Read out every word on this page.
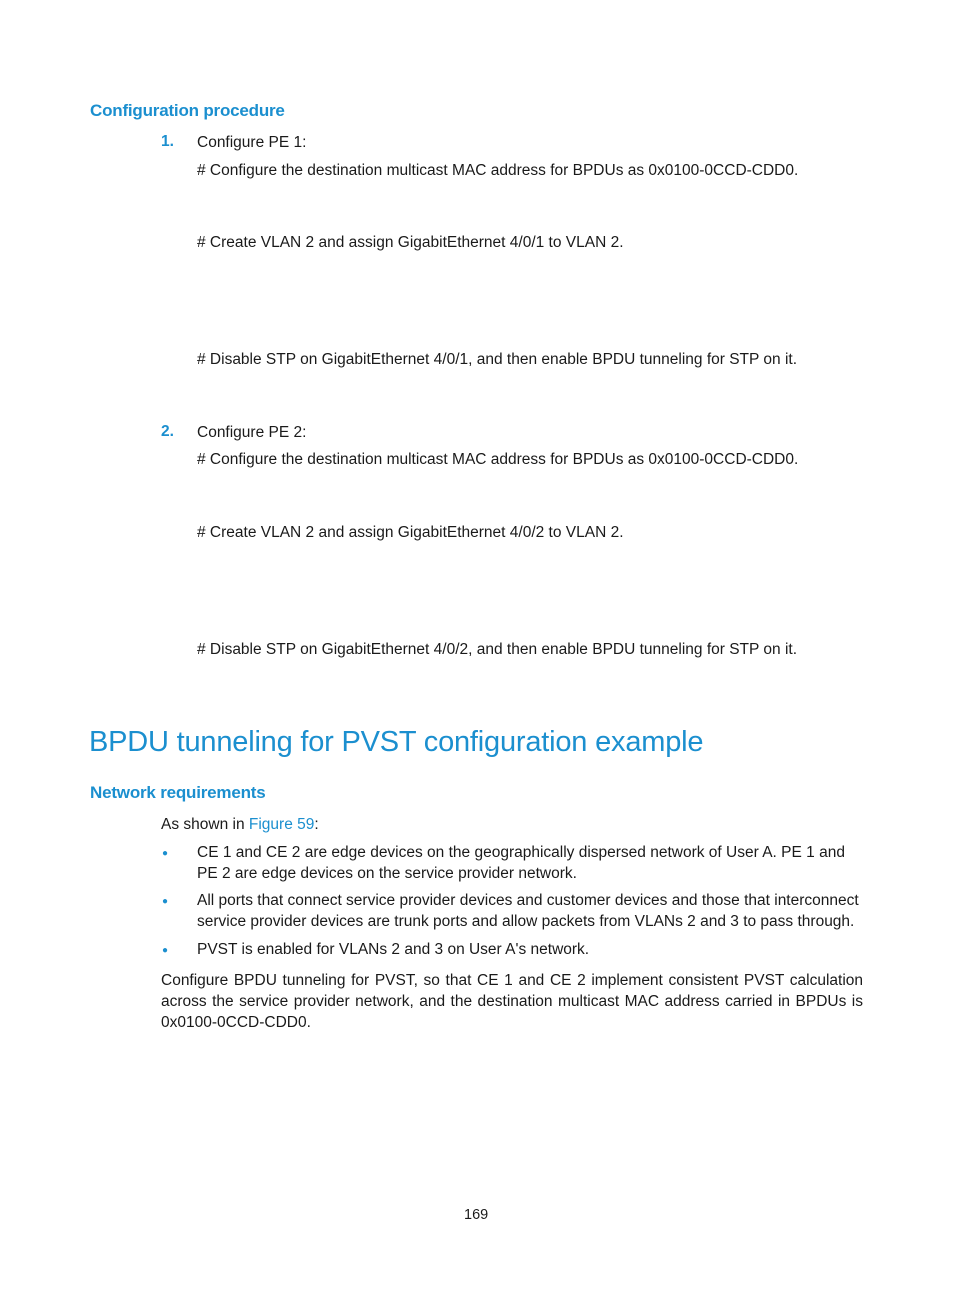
Configuration procedure
1. Configure PE 1:
# Configure the destination multicast MAC address for BPDUs as 0x0100-0CCD-CDD0.
# Create VLAN 2 and assign GigabitEthernet 4/0/1 to VLAN 2.
# Disable STP on GigabitEthernet 4/0/1, and then enable BPDU tunneling for STP on it.
2. Configure PE 2:
# Configure the destination multicast MAC address for BPDUs as 0x0100-0CCD-CDD0.
# Create VLAN 2 and assign GigabitEthernet 4/0/2 to VLAN 2.
# Disable STP on GigabitEthernet 4/0/2, and then enable BPDU tunneling for STP on it.
BPDU tunneling for PVST configuration example
Network requirements
As shown in Figure 59:
● CE 1 and CE 2 are edge devices on the geographically dispersed network of User A. PE 1 and PE 2 are edge devices on the service provider network.
● All ports that connect service provider devices and customer devices and those that interconnect service provider devices are trunk ports and allow packets from VLANs 2 and 3 to pass through.
● PVST is enabled for VLANs 2 and 3 on User A's network.
Configure BPDU tunneling for PVST, so that CE 1 and CE 2 implement consistent PVST calculation across the service provider network, and the destination multicast MAC address carried in BPDUs is 0x0100-0CCD-CDD0.
169
